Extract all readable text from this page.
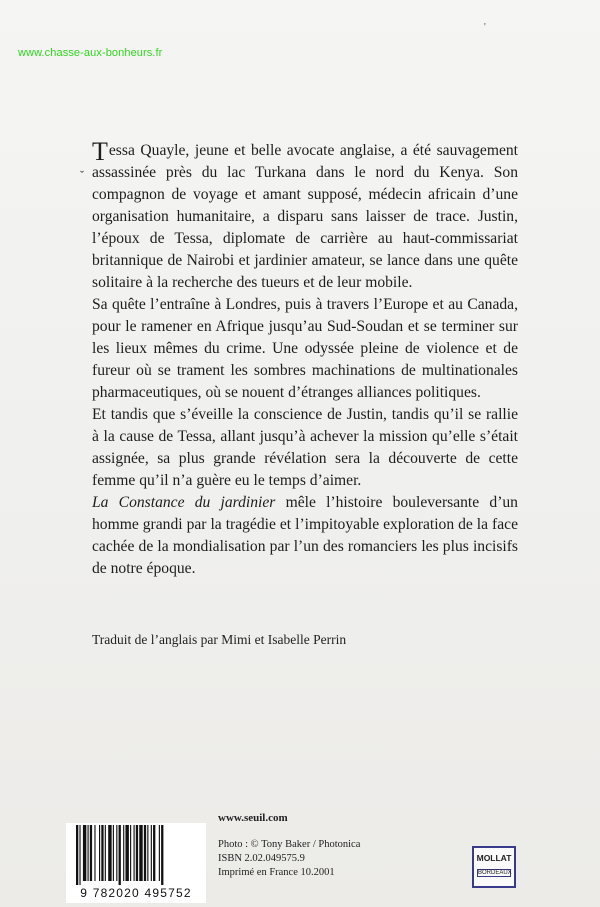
www.chasse-aux-bonheurs.fr
'
ˇ

Tessa Quayle, jeune et belle avocate anglaise, a été sauvagement assassinée près du lac Turkana dans le nord du Kenya. Son compagnon de voyage et amant supposé, médecin africain d’une organisation humanitaire, a disparu sans laisser de trace. Justin, l’époux de Tessa, diplomate de carrière au haut-commissariat britannique de Nairobi et jardinier amateur, se lance dans une quête solitaire à la recherche des tueurs et de leur mobile.

Sa quête l’entraîne à Londres, puis à travers l’Europe et au Canada, pour le ramener en Afrique jusqu’au Sud-Soudan et se terminer sur les lieux mêmes du crime. Une odyssée pleine de violence et de fureur où se trament les sombres machinations de multinationales pharmaceutiques, où se nouent d’étranges alliances politiques.

Et tandis que s’éveille la conscience de Justin, tandis qu’il se rallie à la cause de Tessa, allant jusqu’à achever la mission qu’elle s’était assignée, sa plus grande révélation sera la découverte de cette femme qu’il n’a guère eu le temps d’aimer.

La Constance du jardinier mêle l’histoire bouleversante d’un homme grandi par la tragédie et l’impitoyable exploration de la face cachée de la mondialisation par l’un des romanciers les plus incisifs de notre époque.

Traduit de l’anglais par Mimi et Isabelle Perrin
www.seuil.com
Photo : © Tony Baker / Photonica
ISBN 2.02.049575.9
Imprimé en France 10.2001
9 782020 495752
MOLLAT
BORDEAUX
